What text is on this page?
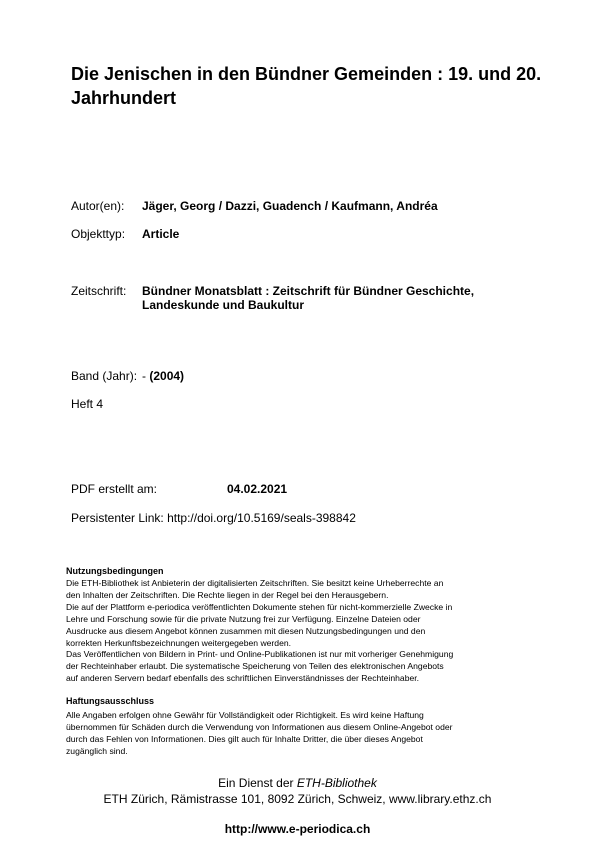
Die Jenischen in den Bündner Gemeinden : 19. und 20. Jahrhundert
Autor(en): Jäger, Georg / Dazzi, Guadench / Kaufmann, Andréa
Objekttyp: Article
Zeitschrift: Bündner Monatsblatt : Zeitschrift für Bündner Geschichte,
Landeskunde und Baukultur
Band (Jahr): - (2004)
Heft 4
PDF erstellt am:	04.02.2021
Persistenter Link: http://doi.org/10.5169/seals-398842
Nutzungsbedingungen
Die ETH-Bibliothek ist Anbieterin der digitalisierten Zeitschriften. Sie besitzt keine Urheberrechte an
den Inhalten der Zeitschriften. Die Rechte liegen in der Regel bei den Herausgebern.
Die auf der Plattform e-periodica veröffentlichten Dokumente stehen für nicht-kommerzielle Zwecke in
Lehre und Forschung sowie für die private Nutzung frei zur Verfügung. Einzelne Dateien oder
Ausdrucke aus diesem Angebot können zusammen mit diesen Nutzungsbedingungen und den
korrekten Herkunftsbezeichnungen weitergegeben werden.
Das Veröffentlichen von Bildern in Print- und Online-Publikationen ist nur mit vorheriger Genehmigung
der Rechteinhaber erlaubt. Die systematische Speicherung von Teilen des elektronischen Angebots
auf anderen Servern bedarf ebenfalls des schriftlichen Einverständnisses der Rechteinhaber.
Haftungsausschluss
Alle Angaben erfolgen ohne Gewähr für Vollständigkeit oder Richtigkeit. Es wird keine Haftung
übernommen für Schäden durch die Verwendung von Informationen aus diesem Online-Angebot oder
durch das Fehlen von Informationen. Dies gilt auch für Inhalte Dritter, die über dieses Angebot
zugänglich sind.
Ein Dienst der ETH-Bibliothek
ETH Zürich, Rämistrasse 101, 8092 Zürich, Schweiz, www.library.ethz.ch
http://www.e-periodica.ch
